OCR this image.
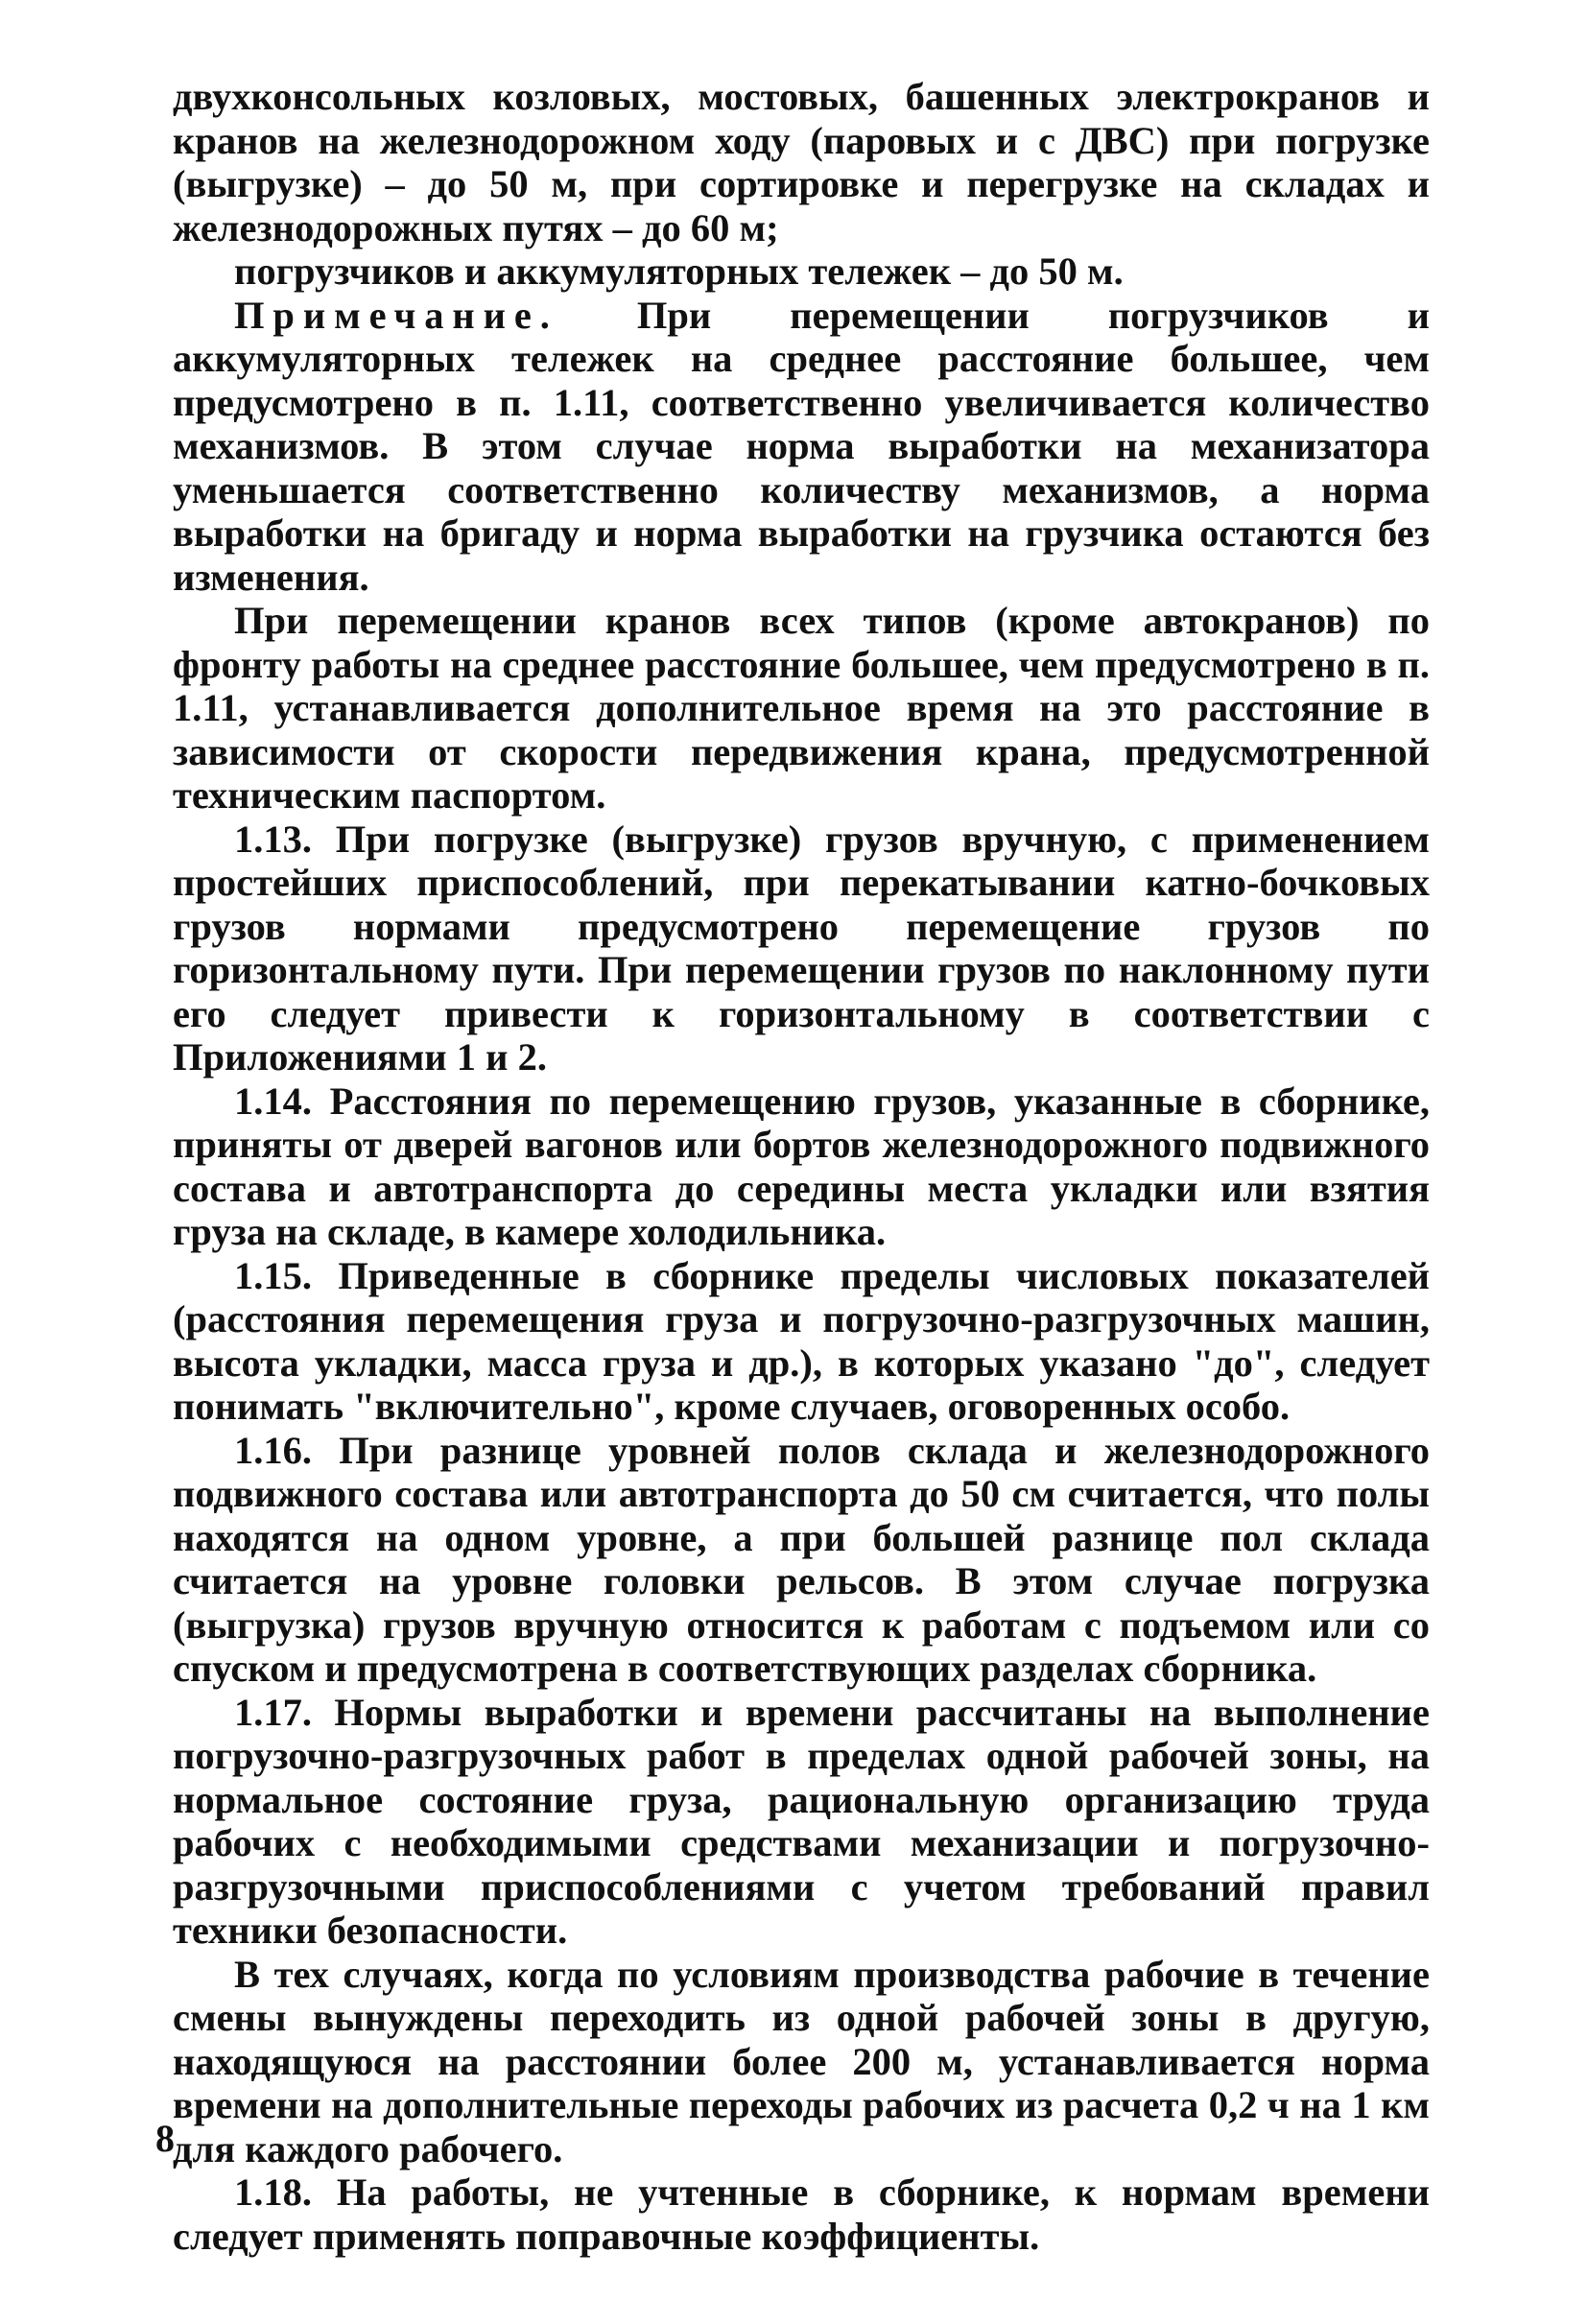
двухконсольных козловых, мостовых, башенных электрокранов и кранов на железнодорожном ходу (паровых и с ДВС) при погрузке (выгрузке) – до 50 м, при сортировке и перегрузке на складах и железнодорожных путях – до 60 м;

погрузчиков и аккумуляторных тележек – до 50 м.

Примечание. При перемещении погрузчиков и аккумуляторных тележек на среднее расстояние большее, чем предусмотрено в п. 1.11, соответственно увеличивается количество механизмов. В этом случае норма выработки на механизатора уменьшается соответственно количеству механизмов, а норма выработки на бригаду и норма выработки на грузчика остаются без изменения.

При перемещении кранов всех типов (кроме автокранов) по фронту работы на среднее расстояние большее, чем предусмотрено в п. 1.11, устанавливается дополнительное время на это расстояние в зависимости от скорости передвижения крана, предусмотренной техническим паспортом.

1.13. При погрузке (выгрузке) грузов вручную, с применением простейших приспособлений, при перекатывании катно-бочковых грузов нормами предусмотрено перемещение грузов по горизонтальному пути. При перемещении грузов по наклонному пути его следует привести к горизонтальному в соответствии с Приложениями 1 и 2.

1.14. Расстояния по перемещению грузов, указанные в сборнике, приняты от дверей вагонов или бортов железнодорожного подвижного состава и автотранспорта до середины места укладки или взятия груза на складе, в камере холодильника.

1.15. Приведенные в сборнике пределы числовых показателей (расстояния перемещения груза и погрузочно-разгрузочных машин, высота укладки, масса груза и др.), в которых указано "до", следует понимать "включительно", кроме случаев, оговоренных особо.

1.16. При разнице уровней полов склада и железнодорожного подвижного состава или автотранспорта до 50 см считается, что полы находятся на одном уровне, а при большей разнице пол склада считается на уровне головки рельсов. В этом случае погрузка (выгрузка) грузов вручную относится к работам с подъемом или со спуском и предусмотрена в соответствующих разделах сборника.

1.17. Нормы выработки и времени рассчитаны на выполнение погрузочно-разгрузочных работ в пределах одной рабочей зоны, на нормальное состояние груза, рациональную организацию труда рабочих с необходимыми средствами механизации и погрузочно-разгрузочными приспособлениями с учетом требований правил техники безопасности.

В тех случаях, когда по условиям производства рабочие в течение смены вынуждены переходить из одной рабочей зоны в другую, находящуюся на расстоянии более 200 м, устанавливается норма времени на дополнительные переходы рабочих из расчета 0,2 ч на 1 км для каждого рабочего.

1.18. На работы, не учтенные в сборнике, к нормам времени следует применять поправочные коэффициенты.

8
